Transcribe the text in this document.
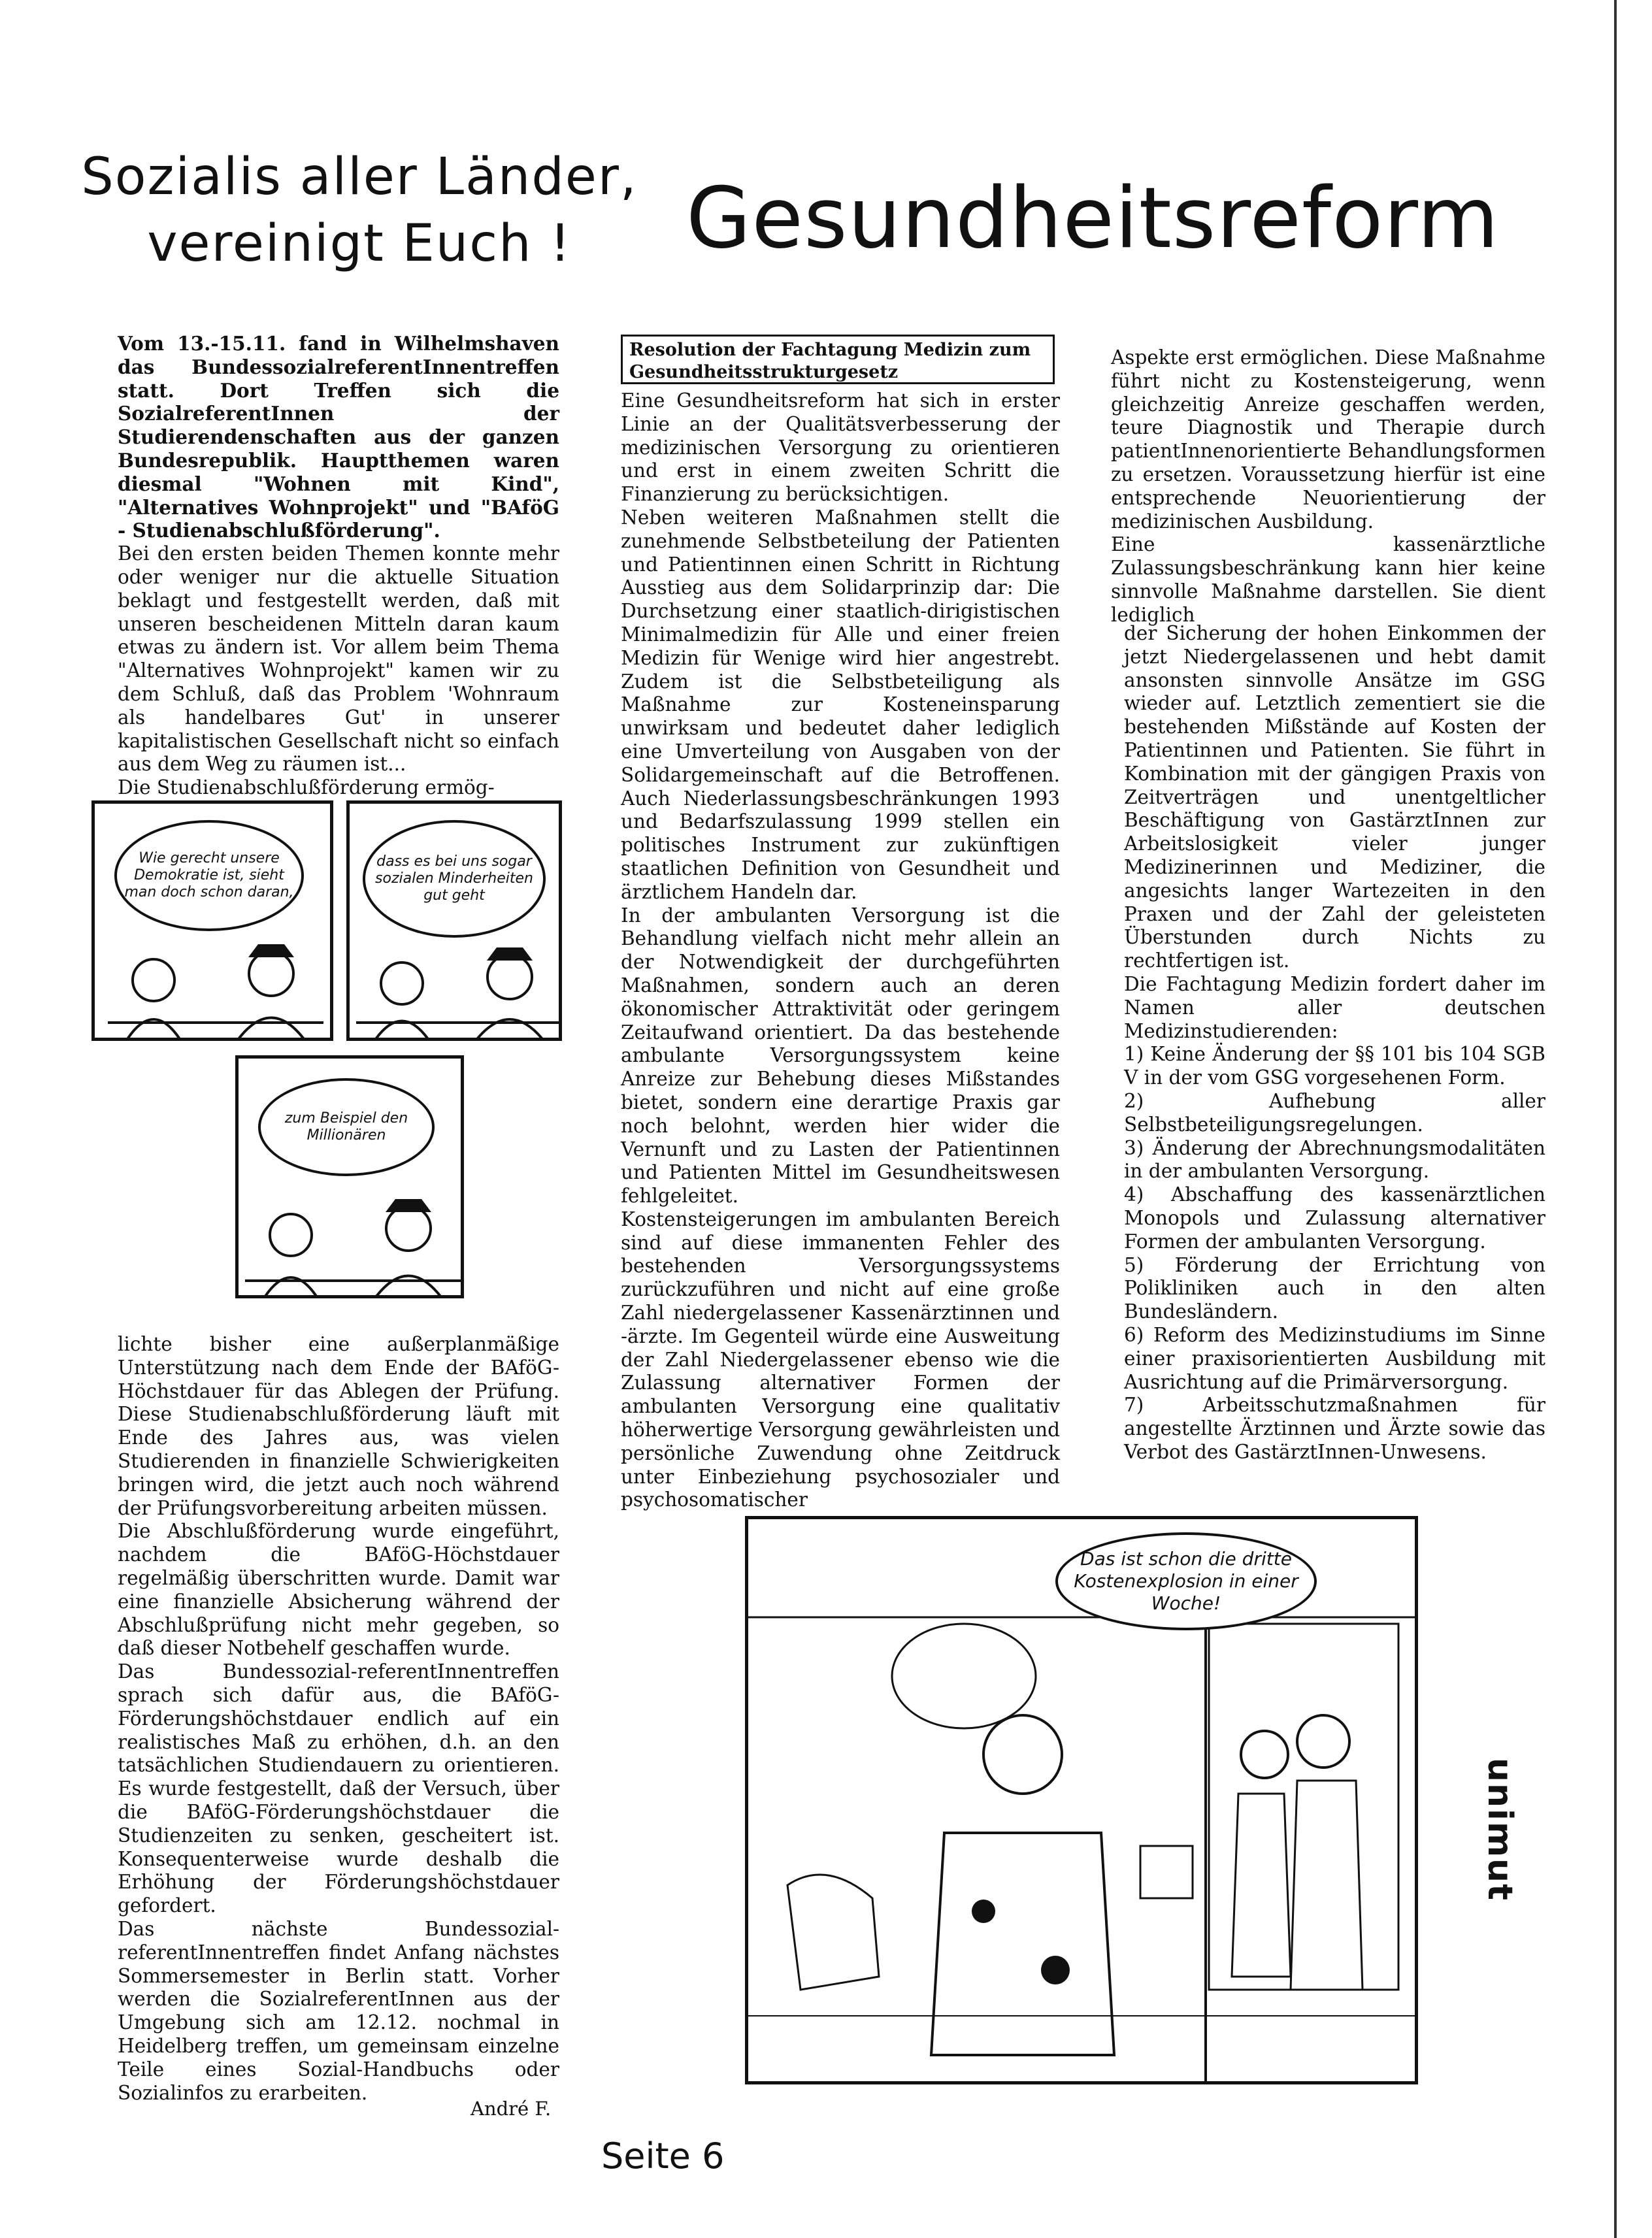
Sozialis aller Länder,
vereinigt Euch !	Gesundheitsreform

Vom 13.-15.11. fand in Wilhelmshaven das BundessozialreferentInnentreffen statt. Dort Treffen sich die SozialreferentInnen der Studierendenschaften aus der ganzen Bundesrepublik. Hauptthemen waren diesmal "Wohnen mit Kind", "Alternatives Wohnprojekt" und "BAföG - Studienabschlußförderung".

Bei den ersten beiden Themen konnte mehr oder weniger nur die aktuelle Situation beklagt und festgestellt werden, daß mit unseren bescheidenen Mitteln daran kaum etwas zu ändern ist. Vor allem beim Thema "Alternatives Wohnprojekt" kamen wir zu dem Schluß, daß das Problem 'Wohnraum als handelbares Gut' in unserer kapitalistischen Gesellschaft nicht so einfach aus dem Weg zu räumen ist...

Die Studienabschlußförderung ermög-

Wie gerecht unsere Demokratie ist, sieht man doch schon daran,
dass es bei uns sogar sozialen Minderheiten gut geht
zum Beispiel den Millionären

lichte bisher eine außerplanmäßige Unterstützung nach dem Ende der BAföG-Höchstdauer für das Ablegen der Prüfung. Diese Studienabschlußförderung läuft mit Ende des Jahres aus, was vielen Studierenden in finanzielle Schwierigkeiten bringen wird, die jetzt auch noch während der Prüfungsvorbereitung arbeiten müssen.

Die Abschlußförderung wurde eingeführt, nachdem die BAföG-Höchstdauer regelmäßig überschritten wurde. Damit war eine finanzielle Absicherung während der Abschlußprüfung nicht mehr gegeben, so daß dieser Notbehelf geschaffen wurde.

Das Bundessozial-referentInnentreffen sprach sich dafür aus, die BAföG-Förderungshöchstdauer endlich auf ein realistisches Maß zu erhöhen, d.h. an den tatsächlichen Studiendauern zu orientieren. Es wurde festgestellt, daß der Versuch, über die BAföG-Förderungshöchstdauer die Studienzeiten zu senken, gescheitert ist. Konsequenterweise wurde deshalb die Erhöhung der Förderungshöchstdauer gefordert.

Das nächste Bundessozial-referentInnentreffen findet Anfang nächstes Sommersemester in Berlin statt. Vorher werden die SozialreferentInnen aus der Umgebung sich am 12.12. nochmal in Heidelberg treffen, um gemeinsam einzelne Teile eines Sozial-Handbuchs oder Sozialinfos zu erarbeiten.

André F.
Resolution der Fachtagung Medizin zum Gesundheitsstrukturgesetz

Eine Gesundheitsreform hat sich in erster Linie an der Qualitätsverbesserung der medizinischen Versorgung zu orientieren und erst in einem zweiten Schritt die Finanzierung zu berücksichtigen.

Neben weiteren Maßnahmen stellt die zunehmende Selbstbeteilung der Patienten und Patientinnen einen Schritt in Richtung Ausstieg aus dem Solidarprinzip dar: Die Durchsetzung einer staatlich-dirigistischen Minimalmedizin für Alle und einer freien Medizin für Wenige wird hier angestrebt. Zudem ist die Selbstbeteiligung als Maßnahme zur Kosteneinsparung unwirksam und bedeutet daher lediglich eine Umverteilung von Ausgaben von der Solidargemeinschaft auf die Betroffenen. Auch Niederlassungsbeschränkungen 1993 und Bedarfszulassung 1999 stellen ein politisches Instrument zur zukünftigen staatlichen Definition von Gesundheit und ärztlichem Handeln dar.

In der ambulanten Versorgung ist die Behandlung vielfach nicht mehr allein an der Notwendigkeit der durchgeführten Maßnahmen, sondern auch an deren ökonomischer Attraktivität oder geringem Zeitaufwand orientiert. Da das bestehende ambulante Versorgungssystem keine Anreize zur Behebung dieses Mißstandes bietet, sondern eine derartige Praxis gar noch belohnt, werden hier wider die Vernunft und zu Lasten der Patientinnen und Patienten Mittel im Gesundheitswesen fehlgeleitet.

Kostensteigerungen im ambulanten Bereich sind auf diese immanenten Fehler des bestehenden Versorgungssystems zurückzuführen und nicht auf eine große Zahl niedergelassener Kassenärztinnen und -ärzte. Im Gegenteil würde eine Ausweitung der Zahl Niedergelassener ebenso wie die Zulassung alternativer Formen der ambulanten Versorgung eine qualitativ höherwertige Versorgung gewährleisten und persönliche Zuwendung ohne Zeitdruck unter Einbeziehung psychosozialer und psychosomatischer

Aspekte erst ermöglichen. Diese Maßnahme führt nicht zu Kostensteigerung, wenn gleichzeitig Anreize geschaffen werden, teure Diagnostik und Therapie durch patientInnenorientierte Behandlungsformen zu ersetzen. Voraussetzung hierfür ist eine entsprechende Neuorientierung der medizinischen Ausbildung.

Eine kassenärztliche Zulassungsbeschränkung kann hier keine sinnvolle Maßnahme darstellen. Sie dient lediglich

der Sicherung der hohen Einkommen der jetzt Niedergelassenen und hebt damit ansonsten sinnvolle Ansätze im GSG wieder auf. Letztlich zementiert sie die bestehenden Mißstände auf Kosten der Patientinnen und Patienten. Sie führt in Kombination mit der gängigen Praxis von Zeitverträgen und unentgeltlicher Beschäftigung von GastärztInnen zur Arbeitslosigkeit vieler junger Medizinerinnen und Mediziner, die angesichts langer Wartezeiten in den Praxen und der Zahl der geleisteten Überstunden durch Nichts zu rechtfertigen ist.

Die Fachtagung Medizin fordert daher im Namen aller deutschen Medizinstudierenden:

1) Keine Änderung der §§ 101 bis 104 SGB V in der vom GSG vorgesehenen Form.

2) Aufhebung aller Selbstbeteiligungsregelungen.

3) Änderung der Abrechnungsmodalitäten in der ambulanten Versorgung.

4) Abschaffung des kassenärztlichen Monopols und Zulassung alternativer Formen der ambulanten Versorgung.

5) Förderung der Errichtung von Polikliniken auch in den alten Bundesländern.

6) Reform des Medizinstudiums im Sinne einer praxisorientierten Ausbildung mit Ausrichtung auf die Primärversorgung.

7) Arbeitsschutzmaßnahmen für angestellte Ärztinnen und Ärzte sowie das Verbot des GastärztInnen-Unwesens.

Das ist schon die dritte Kostenexplosion in einer Woche!
unimut
Seite 6
